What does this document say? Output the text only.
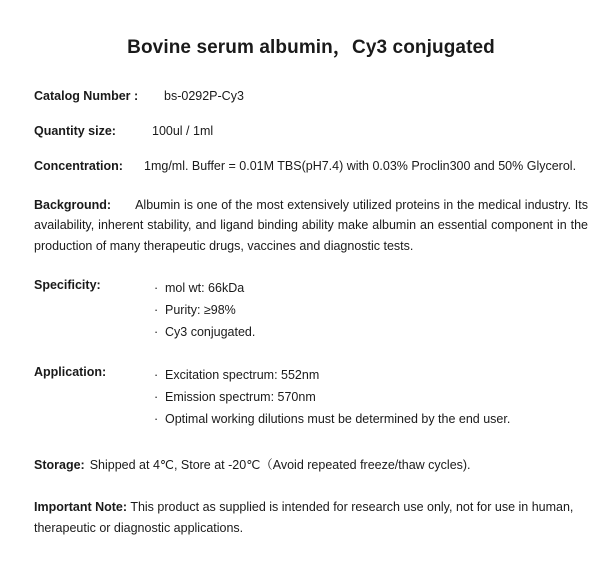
Bovine serum albumin，Cy3 conjugated
Catalog Number :	bs-0292P-Cy3
Quantity size:	100ul / 1ml
Concentration:	1mg/ml. Buffer = 0.01M TBS(pH7.4) with 0.03% Proclin300 and 50% Glycerol.
Background: Albumin is one of the most extensively utilized proteins in the medical industry. Its availability, inherent stability, and ligand binding ability make albumin an essential component in the production of many therapeutic drugs, vaccines and diagnostic tests.
Specificity:	· mol wt: 66kDa
· Purity: ≥98%
· Cy3 conjugated.
Application:	· Excitation spectrum: 552nm
· Emission spectrum: 570nm
· Optimal working dilutions must be determined by the end user.
Storage: Shipped at 4℃, Store at -20℃（Avoid repeated freeze/thaw cycles).
Important Note: This product as supplied is intended for research use only, not for use in human, therapeutic or diagnostic applications.
